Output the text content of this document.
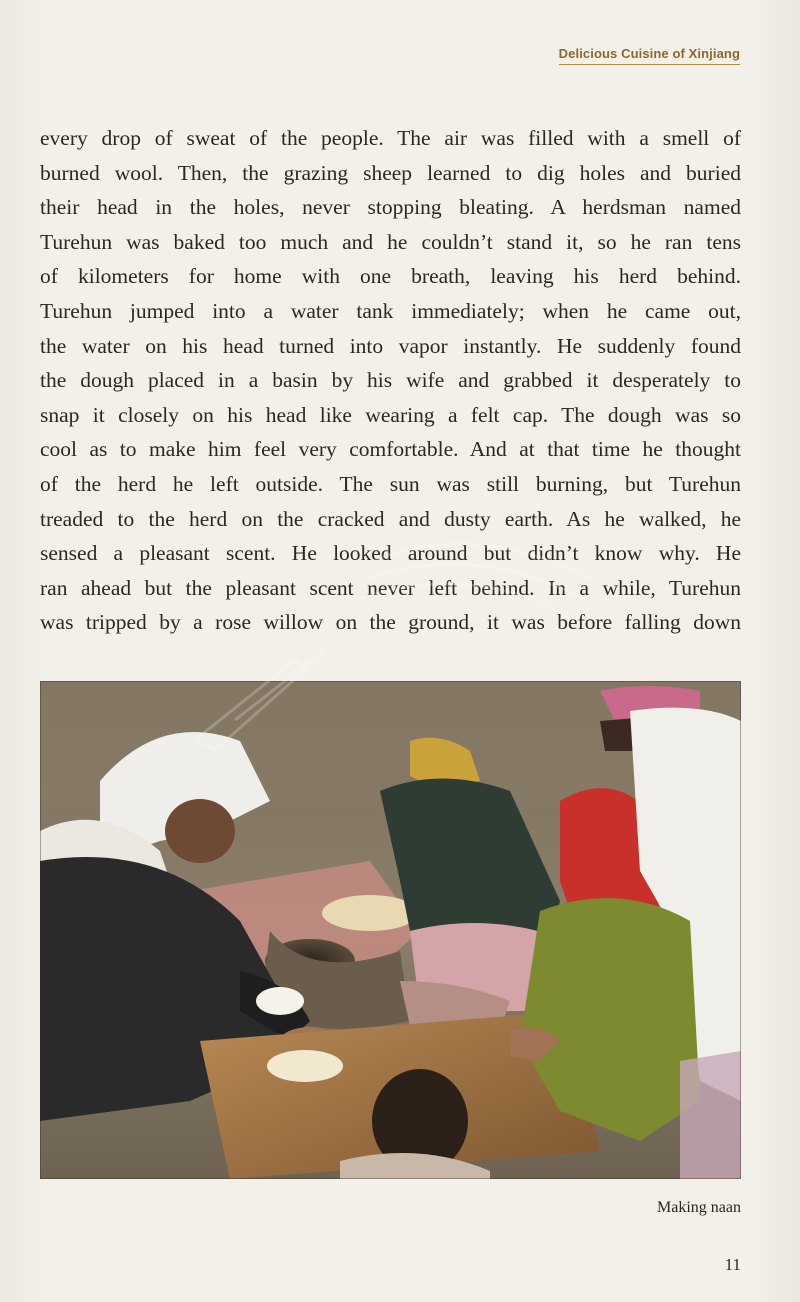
Delicious Cuisine of Xinjiang
every drop of sweat of the people. The air was filled with a smell of
burned wool. Then, the grazing sheep learned to dig holes and buried
their head in the holes, never stopping bleating. A herdsman named
Turehun was baked too much and he couldn’t stand it, so he ran tens
of kilometers for home with one breath, leaving his herd behind.
Turehun jumped into a water tank immediately; when he came out,
the water on his head turned into vapor instantly. He suddenly found
the dough placed in a basin by his wife and grabbed it desperately to
snap it closely on his head like wearing a felt cap. The dough was so
cool as to make him feel very comfortable. And at that time he thought
of the herd he left outside. The sun was still burning, but Turehun
treaded to the herd on the cracked and dusty earth. As he walked, he
sensed a pleasant scent. He looked around but didn’t know why. He
ran ahead but the pleasant scent never left behind. In a while, Turehun
was tripped by a rose willow on the ground, it was before falling down
Making naan
11
